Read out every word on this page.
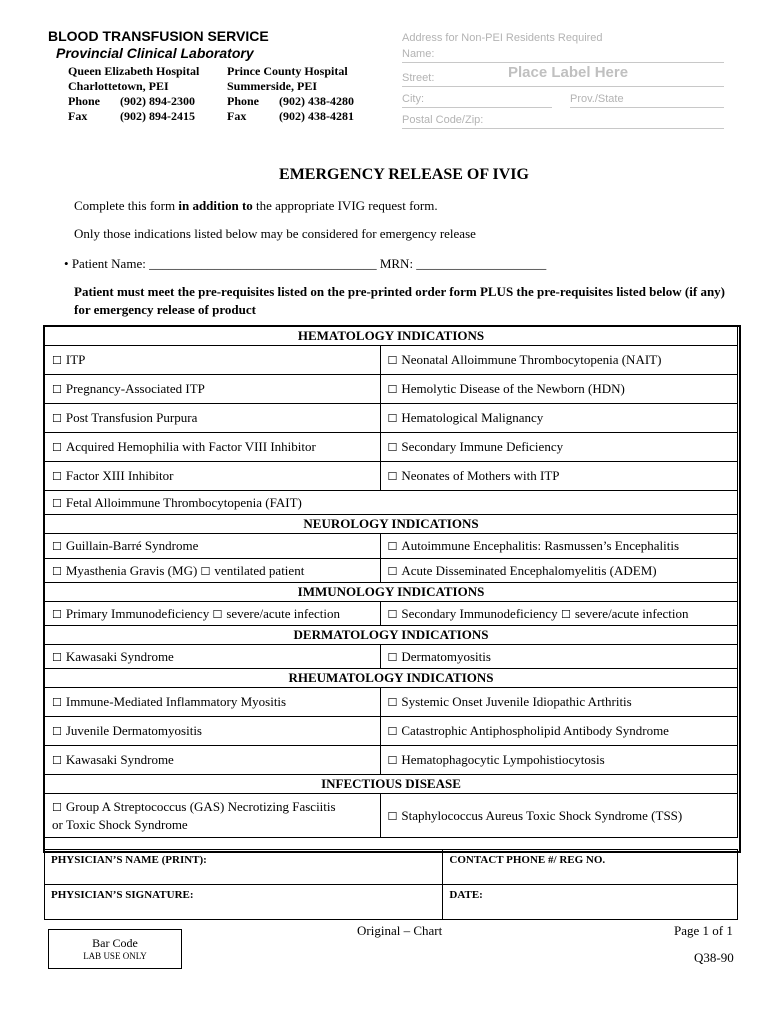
BLOOD TRANSFUSION SERVICE
Provincial Clinical Laboratory
Queen Elizabeth Hospital
Charlottetown, PEI
Phone	(902) 894-2300
Fax	(902) 894-2415
Prince County Hospital
Summerside, PEI
Phone	(902) 438-4280
Fax	(902) 438-4281
Address for Non-PEI Residents Required
Name:
Street:
City:	Prov./State
Postal Code/Zip:
Place Label Here
EMERGENCY RELEASE OF IVIG
Complete this form in addition to the appropriate IVIG request form.
Only those indications listed below may be considered for emergency release
• Patient Name: ___________________________________ MRN: ____________________
Patient must meet the pre-requisites listed on the pre-printed order form PLUS the pre-requisites listed below (if any) for emergency release of product
HEMATOLOGY INDICATIONS	
☐ ITP	☐ Neonatal Alloimmune Thrombocytopenia (NAIT)
☐ Pregnancy-Associated ITP	☐ Hemolytic Disease of the Newborn (HDN)
☐ Post Transfusion Purpura	☐ Hematological Malignancy
☐ Acquired Hemophilia with Factor VIII Inhibitor	☐ Secondary Immune Deficiency
☐ Factor XIII Inhibitor	☐ Neonates of Mothers with ITP
☐ Fetal Alloimmune Thrombocytopenia (FAIT)	
NEUROLOGY INDICATIONS	
☐ Guillain-Barré Syndrome	☐ Autoimmune Encephalitis: Rasmussen’s Encephalitis
☐ Myasthenia Gravis (MG) ☐ ventilated patient	☐ Acute Disseminated Encephalomyelitis (ADEM)
IMMUNOLOGY INDICATIONS	
☐ Primary Immunodeficiency ☐ severe/acute infection	☐ Secondary Immunodeficiency ☐ severe/acute infection
DERMATOLOGY INDICATIONS	
☐ Kawasaki Syndrome	☐ Dermatomyositis
RHEUMATOLOGY INDICATIONS	
☐ Immune-Mediated Inflammatory Myositis	☐ Systemic Onset Juvenile Idiopathic Arthritis
☐ Juvenile Dermatomyositis	☐ Catastrophic Antiphospholipid Antibody Syndrome
☐ Kawasaki Syndrome	☐ Hematophagocytic Lympohistiocytosis
INFECTIOUS DISEASE	
☐ Group A Streptococcus (GAS) Necrotizing Fasciitis
or Toxic Shock Syndrome	☐ Staphylococcus Aureus Toxic Shock Syndrome (TSS)
PHYSICIAN’S NAME (PRINT):	CONTACT PHONE #/ REG NO.
PHYSICIAN’S SIGNATURE:	DATE:
Bar Code
LAB USE ONLY
Original – Chart	Page 1 of 1
Q38-90
